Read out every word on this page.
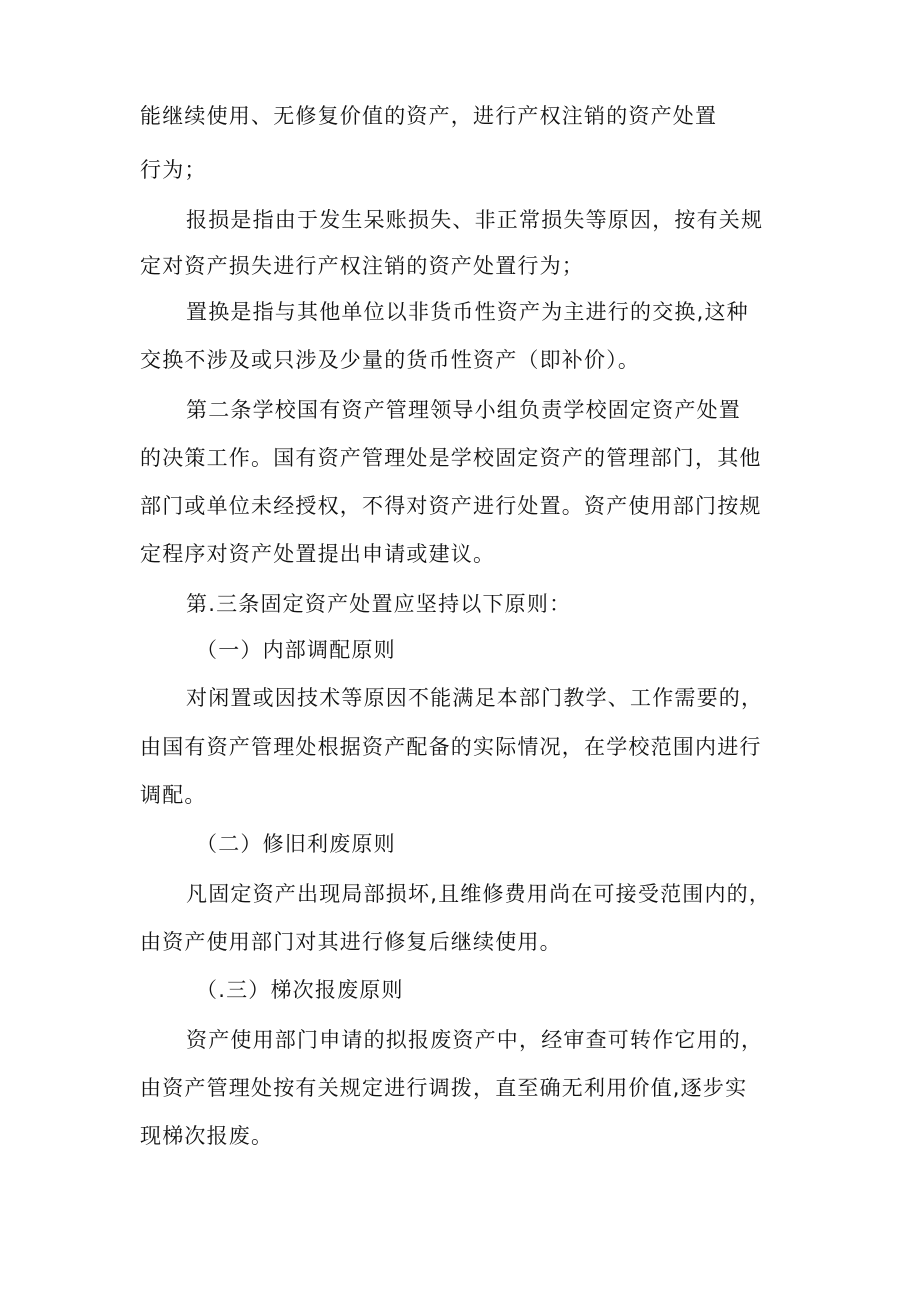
能继续使用、无修复价值的资产，进行产权注销的资产处置
行为；
报损是指由于发生呆账损失、非正常损失等原因，按有关规
定对资产损失进行产权注销的资产处置行为；
置换是指与其他单位以非货币性资产为主进行的交换,这种
交换不涉及或只涉及少量的货币性资产（即补价）。
第二条学校国有资产管理领导小组负责学校固定资产处置
的决策工作。国有资产管理处是学校固定资产的管理部门，其他
部门或单位未经授权，不得对资产进行处置。资产使用部门按规
定程序对资产处置提出申请或建议。
第.三条固定资产处置应坚持以下原则：
（一）内部调配原则
对闲置或因技术等原因不能满足本部门教学、工作需要的，
由国有资产管理处根据资产配备的实际情况，在学校范围内进行
调配。
（二）修旧利废原则
凡固定资产出现局部损坏,且维修费用尚在可接受范围内的，
由资产使用部门对其进行修复后继续使用。
（.三）梯次报废原则
资产使用部门申请的拟报废资产中，经审查可转作它用的，
由资产管理处按有关规定进行调拨，直至确无利用价值,逐步实
现梯次报废。
